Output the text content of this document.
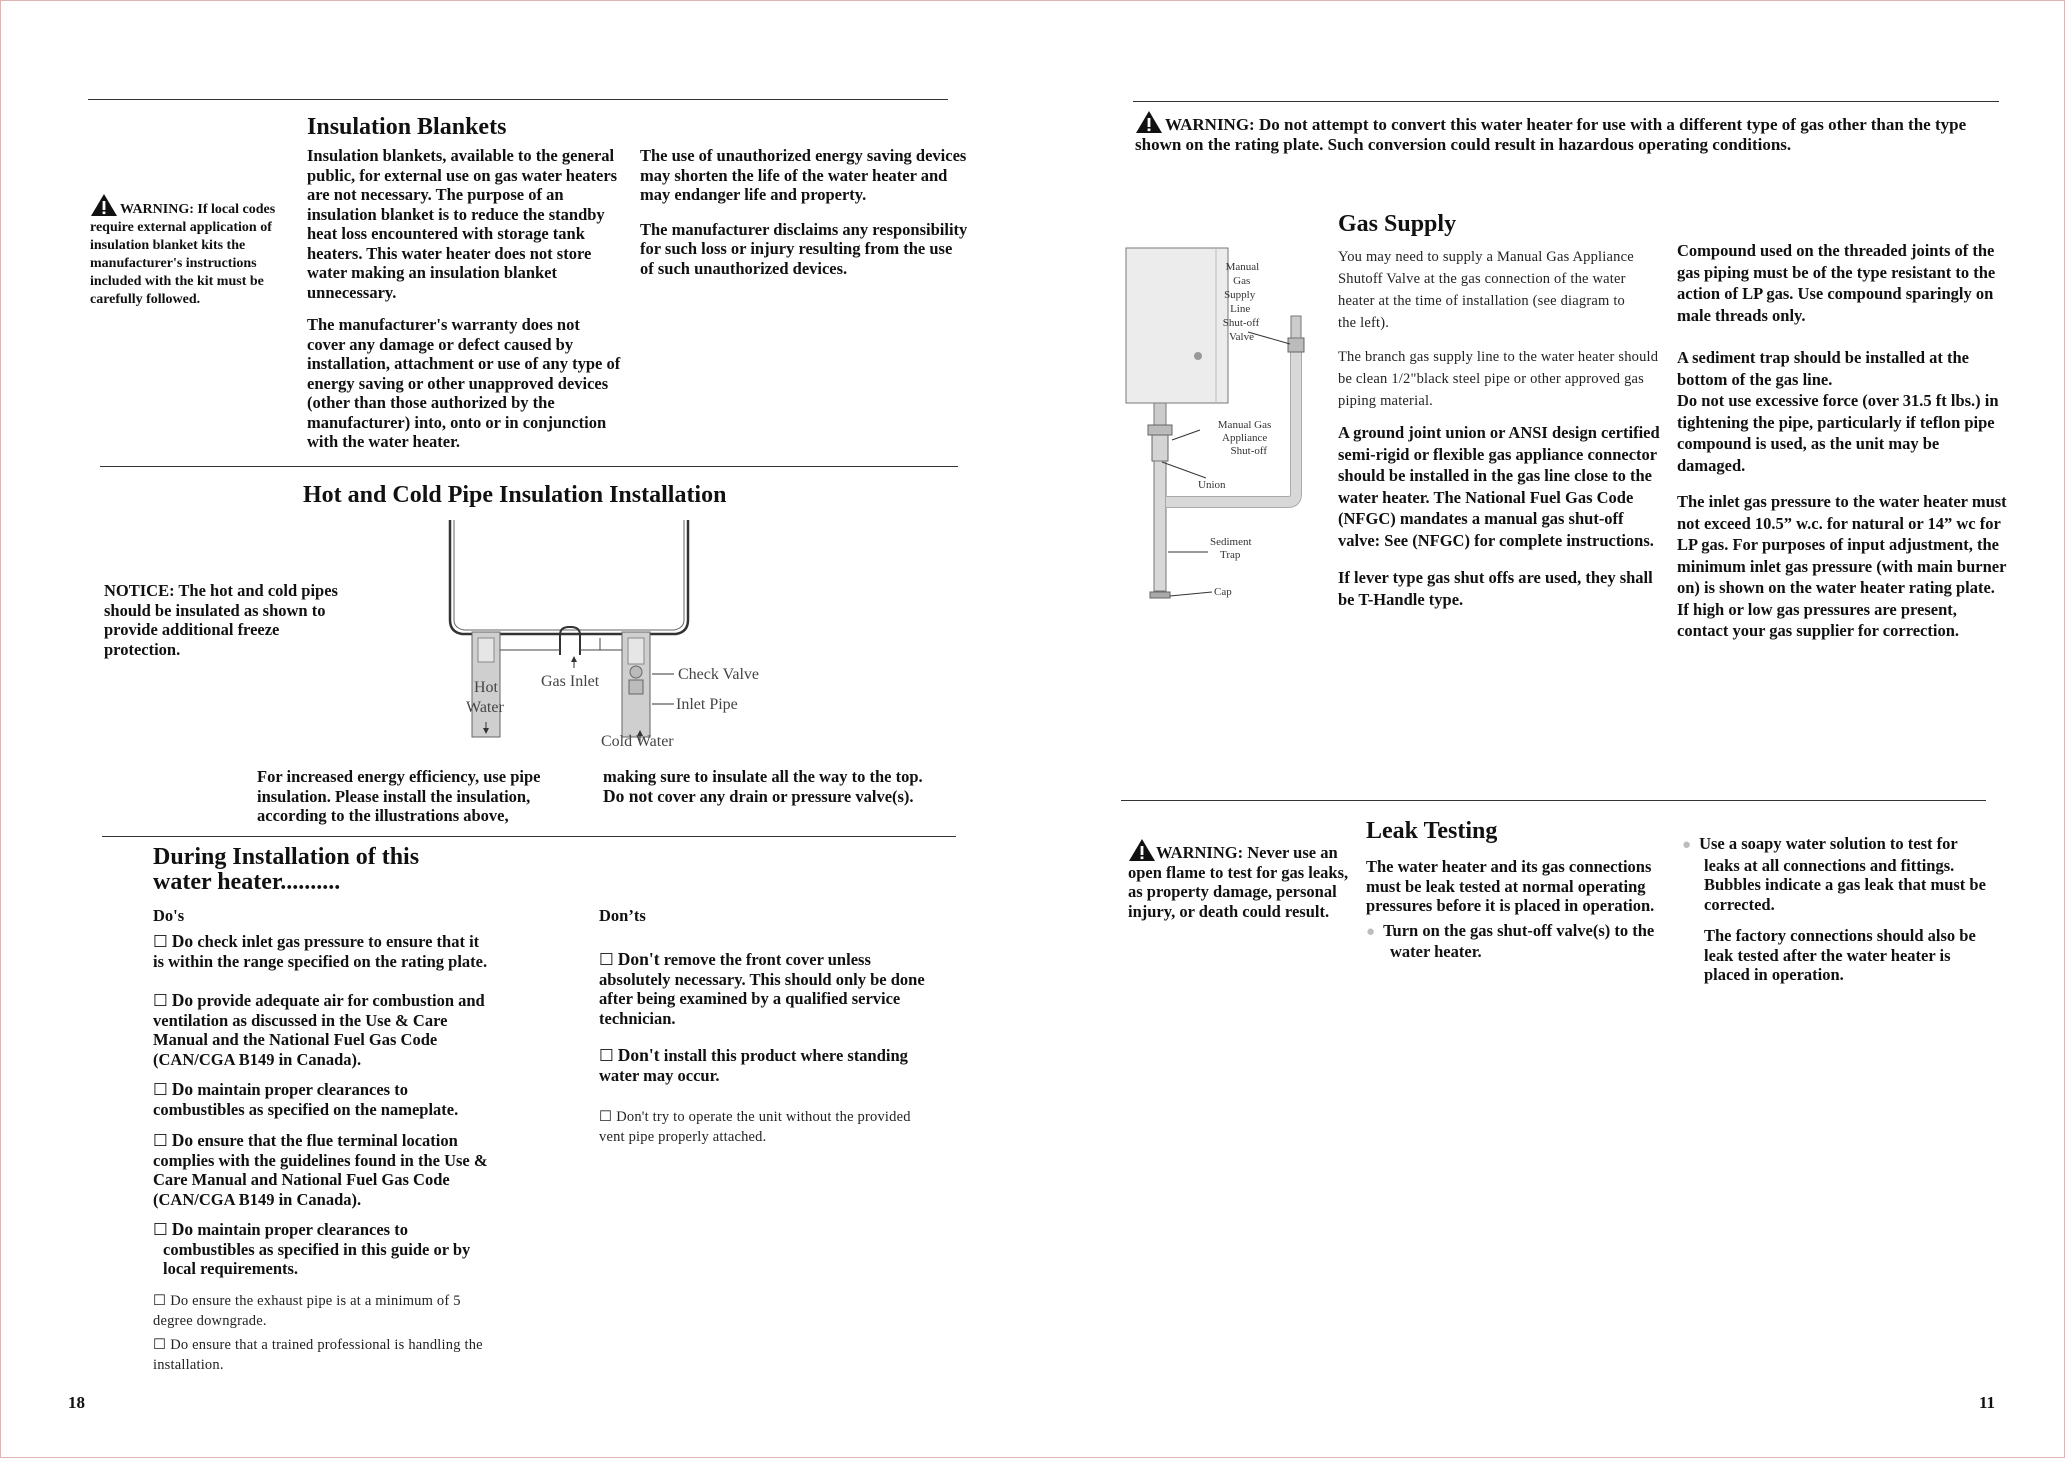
Insulation Blankets
WARNING: If local codes require external application of insulation blanket kits the manufacturer's instructions included with the kit must be carefully followed.

Insulation blankets, available to the general public, for external use on gas water heaters are not necessary. The purpose of an insulation blanket is to reduce the standby heat loss encountered with storage tank heaters. This water heater does not store water making an insulation blanket unnecessary.

The manufacturer's warranty does not cover any damage or defect caused by installation, attachment or use of any type of energy saving or other unapproved devices (other than those authorized by the manufacturer) into, onto or in conjunction with the water heater.

The use of unauthorized energy saving devices may shorten the life of the water heater and may endanger life and property.

The manufacturer disclaims any responsibility for such loss or injury resulting from the use of such unauthorized devices.

Hot and Cold Pipe Insulation Installation
NOTICE: The hot and cold pipes should be insulated as shown to provide additional freeze protection.
Hot
Water
Gas Inlet	Check Valve
Inlet Pipe
Cold Water
For increased energy efficiency, use pipe insulation. Please install the insulation, according to the illustrations above,
making sure to insulate all the way to the top. Do not cover any drain or pressure valve(s).
During Installation of this
water heater..........
Do's	Don’ts

☐ Do check inlet gas pressure to ensure that it is within the range specified on the rating plate.

☐ Do provide adequate air for combustion and ventilation as discussed in the Use & Care Manual and the National Fuel Gas Code (CAN/CGA B149 in Canada).

☐ Do maintain proper clearances to combustibles as specified on the nameplate.

☐ Do ensure that the flue terminal location complies with the guidelines found in the Use & Care Manual and National Fuel Gas Code (CAN/CGA B149 in Canada).

☐ Do maintain proper clearances to combustibles as specified in this guide or by local requirements.

☐ Do ensure the exhaust pipe is at a minimum of 5 degree downgrade.

☐ Do ensure that a trained professional is handling the installation.

☐ Don't remove the front cover unless absolutely necessary. This should only be done after being examined by a qualified service technician.

☐ Don't install this product where standing water may occur.

☐ Don't try to operate the unit without the provided vent pipe properly attached.

18
WARNING: Do not attempt to convert this water heater for use with a different type of gas other than the type shown on the rating plate. Such conversion could result in hazardous operating conditions.
Manual Gas Supply Line Shut-off Valve
Manual Gas Appliance Shut-off
Union
Sediment Trap
Cap
Gas Supply

You may need to supply a Manual Gas Appliance Shutoff Valve at the gas connection of the water heater at the time of installation (see diagram to the left).

The branch gas supply line to the water heater should be clean 1/2"black steel pipe or other approved gas piping material.

A ground joint union or ANSI design certified semi-rigid or flexible gas appliance connector should be installed in the gas line close to the water heater. The National Fuel Gas Code (NFGC) mandates a manual gas shut-off valve: See (NFGC) for complete instructions.

If lever type gas shut offs are used, they shall be T-Handle type.

Compound used on the threaded joints of the gas piping must be of the type resistant to the action of LP gas. Use compound sparingly on male threads only.

A sediment trap should be installed at the bottom of the gas line.

Do not use excessive force (over 31.5 ft lbs.) in tightening the pipe, particularly if teflon pipe compound is used, as the unit may be damaged.

The inlet gas pressure to the water heater must not exceed 10.5” w.c. for natural or 14” wc for LP gas. For purposes of input adjustment, the minimum inlet gas pressure (with main burner on) is shown on the water heater rating plate. If high or low gas pressures are present, contact your gas supplier for correction.

WARNING: Never use an open flame to test for gas leaks, as property damage, personal injury, or death could result.
Leak Testing

The water heater and its gas connections must be leak tested at normal operating pressures before it is placed in operation.

● Turn on the gas shut-off valve(s) to the water heater.

● Use a soapy water solution to test for leaks at all connections and fittings. Bubbles indicate a gas leak that must be corrected.

The factory connections should also be leak tested after the water heater is placed in operation.

11
